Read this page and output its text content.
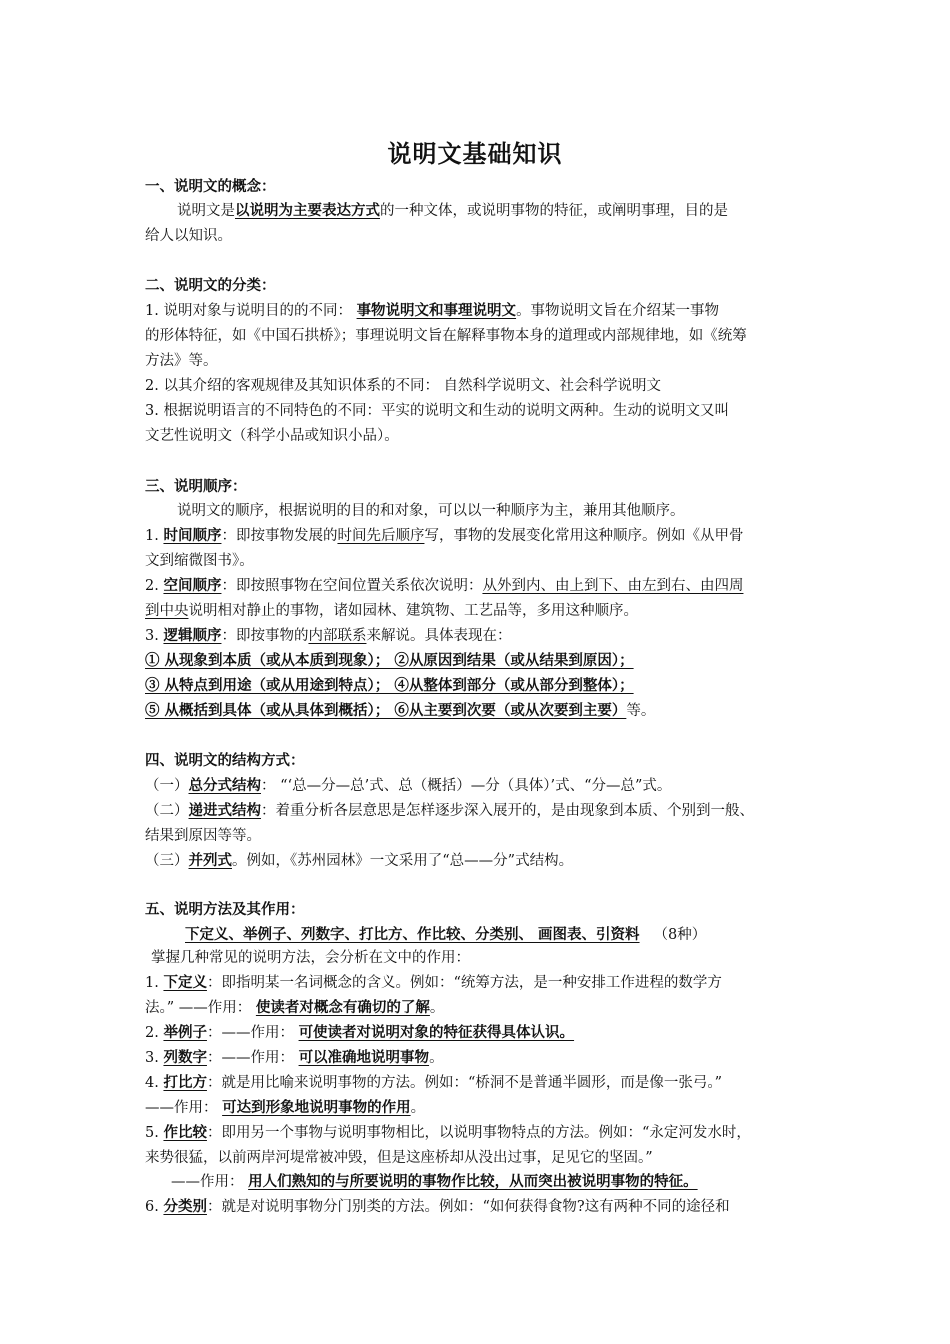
说明文基础知识
一、说明文的概念：
说明文是以说明为主要表达方式的一种文体，或说明事物的特征，或阐明事理，目的是
给人以知识。
二、说明文的分类：
1. 说明对象与说明目的的不同： 事物说明文和事理说明文。事物说明文旨在介绍某一事物
的形体特征，如《中国石拱桥》；事理说明文旨在解释事物本身的道理或内部规律地，如《统筹
方法》等。
2. 以其介绍的客观规律及其知识体系的不同： 自然科学说明文、社会科学说明文
3. 根据说明语言的不同特色的不同：平实的说明文和生动的说明文两种。生动的说明文又叫
文艺性说明文（科学小品或知识小品）。
三、说明顺序：
说明文的顺序，根据说明的目的和对象，可以以一种顺序为主，兼用其他顺序。
1. 时间顺序：即按事物发展的时间先后顺序写，事物的发展变化常用这种顺序。例如《从甲骨
文到缩微图书》。
2. 空间顺序：即按照事物在空间位置关系依次说明：从外到内、由上到下、由左到右、由四周
到中央说明相对静止的事物，诸如园林、建筑物、工艺品等，多用这种顺序。
3. 逻辑顺序：即按事物的内部联系来解说。具体表现在：
① 从现象到本质（或从本质到现象）； ②从原因到结果（或从结果到原因）；
③ 从特点到用途（或从用途到特点）； ④从整体到部分（或从部分到整体）；
⑤ 从概括到具体（或从具体到概括）； ⑥从主要到次要（或从次要到主要）等。
四、说明文的结构方式：
（一）总分式结构： “‘总—分—总’式、总（概括）—分（具体）’式、“分—总”式。
（二）递进式结构：着重分析各层意思是怎样逐步深入展开的，是由现象到本质、个别到一般、
结果到原因等等。
（三）并列式。例如，《苏州园林》一文采用了“总——分”式结构。
五、说明方法及其作用：
下定义、举例子、列数字、打比方、作比较、分类别、 画图表、引资料 （8种）
掌握几种常见的说明方法，会分析在文中的作用：
1. 下定义：即指明某一名词概念的含义。例如：“统筹方法，是一种安排工作进程的数学方
法。” ——作用： 使读者对概念有确切的了解。
2. 举例子：——作用： 可使读者对说明对象的特征获得具体认识。
3. 列数字：——作用： 可以准确地说明事物。
4. 打比方：就是用比喻来说明事物的方法。例如：“桥洞不是普通半圆形，而是像一张弓。”
——作用： 可达到形象地说明事物的作用。
5. 作比较：即用另一个事物与说明事物相比，以说明事物特点的方法。例如：“永定河发水时，
来势很猛，以前两岸河堤常被冲毁，但是这座桥却从没出过事，足见它的坚固。”
——作用： 用人们熟知的与所要说明的事物作比较，从而突出被说明事物的特征。
6. 分类别：就是对说明事物分门别类的方法。例如：“如何获得食物?这有两种不同的途径和
